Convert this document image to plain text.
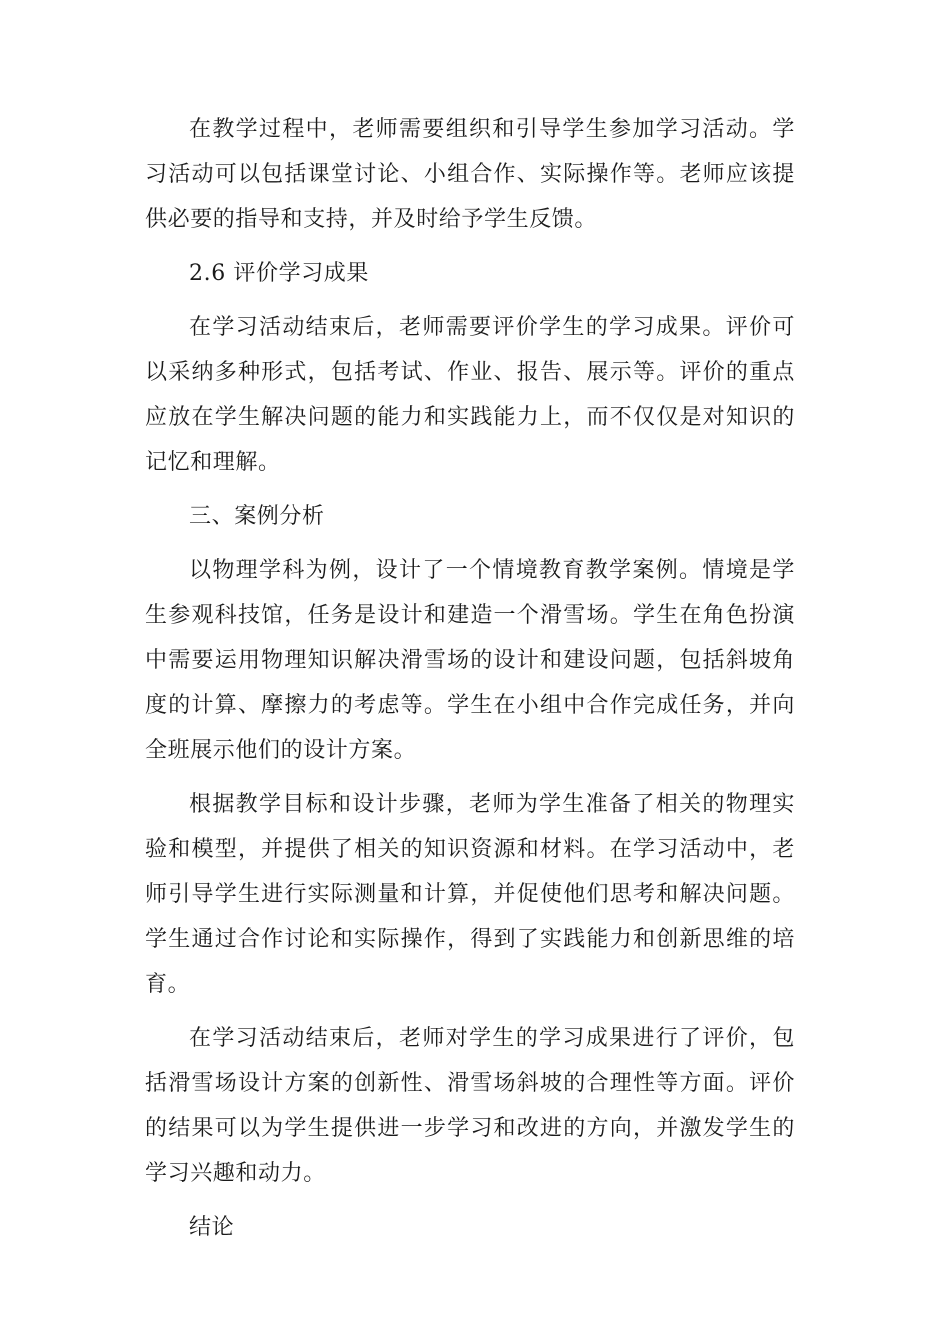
在教学过程中，老师需要组织和引导学生参加学习活动。学习活动可以包括课堂讨论、小组合作、实际操作等。老师应该提供必要的指导和支持，并及时给予学生反馈。

2.6 评价学习成果

在学习活动结束后，老师需要评价学生的学习成果。评价可以采纳多种形式，包括考试、作业、报告、展示等。评价的重点应放在学生解决问题的能力和实践能力上，而不仅仅是对知识的记忆和理解。

三、案例分析

以物理学科为例，设计了一个情境教育教学案例。情境是学生参观科技馆，任务是设计和建造一个滑雪场。学生在角色扮演中需要运用物理知识解决滑雪场的设计和建设问题，包括斜坡角度的计算、摩擦力的考虑等。学生在小组中合作完成任务，并向全班展示他们的设计方案。

根据教学目标和设计步骤，老师为学生准备了相关的物理实验和模型，并提供了相关的知识资源和材料。在学习活动中，老师引导学生进行实际测量和计算，并促使他们思考和解决问题。学生通过合作讨论和实际操作，得到了实践能力和创新思维的培育。

在学习活动结束后，老师对学生的学习成果进行了评价，包括滑雪场设计方案的创新性、滑雪场斜坡的合理性等方面。评价的结果可以为学生提供进一步学习和改进的方向，并激发学生的学习兴趣和动力。

结论
